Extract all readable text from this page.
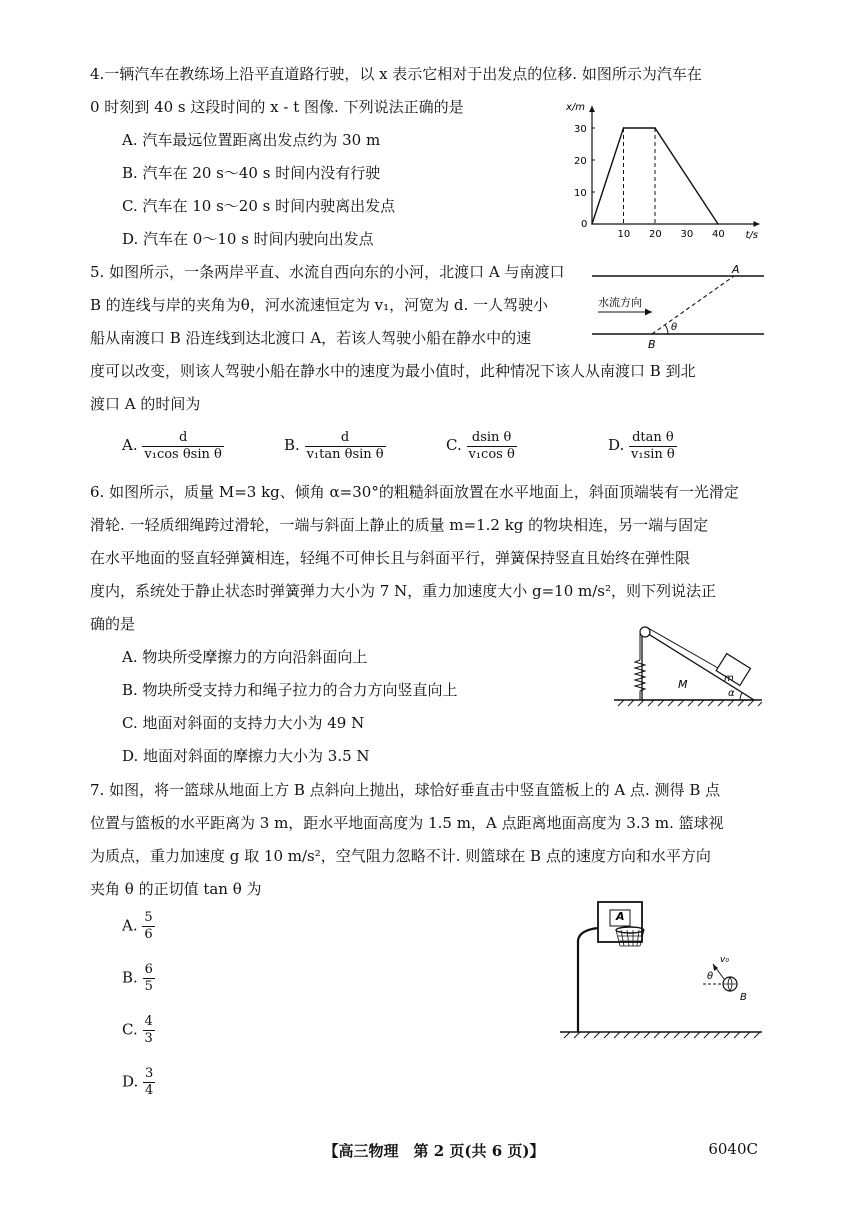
4.一辆汽车在教练场上沿平直道路行驶，以 x 表示它相对于出发点的位移. 如图所示为汽车在
0 时刻到 40 s 这段时间的 x - t 图像. 下列说法正确的是
A. 汽车最远位置距离出发点约为 30 m
B. 汽车在 20 s～40 s 时间内没有行驶
C. 汽车在 10 s～20 s 时间内驶离出发点
D. 汽车在 0～10 s 时间内驶向出发点	10 20 30 40
10
20
30
0
x/m
t/s
5. 如图所示，一条两岸平直、水流自西向东的小河，北渡口 A 与南渡口
B 的连线与岸的夹角为θ，河水流速恒定为 v₁，河宽为 d. 一人驾驶小
船从南渡口 B 沿连线到达北渡口 A，若该人驾驶小船在静水中的速
度可以改变，则该人驾驶小船在静水中的速度为最小值时，此种情况下该人从南渡口 B 到北
渡口 A 的时间为
A. $\frac{d}{\text{v₁cos θsin θ}}$	B. $\frac{d}{\text{v₁tan θsin θ}}$	C. $\frac{\text{dsin θ}}{\text{v₁cos θ}}$	D. $\frac{\text{dtan θ}}{\text{v₁sin θ}}$
A
B
θ
水流方向
6. 如图所示，质量 M=3 kg、倾角 α=30°的粗糙斜面放置在水平地面上，斜面顶端装有一光滑定
滑轮. 一轻质细绳跨过滑轮，一端与斜面上静止的质量 m=1.2 kg 的物块相连，另一端与固定
在水平地面的竖直轻弹簧相连，轻绳不可伸长且与斜面平行，弹簧保持竖直且始终在弹性限
度内，系统处于静止状态时弹簧弹力大小为 7 N，重力加速度大小 g=10 m/s²，则下列说法正
确的是
A. 物块所受摩擦力的方向沿斜面向上
B. 物块所受支持力和绳子拉力的合力方向竖直向上
C. 地面对斜面的支持力大小为 49 N
D. 地面对斜面的摩擦力大小为 3.5 N
M	m
α
7. 如图，将一篮球从地面上方 B 点斜向上抛出，球恰好垂直击中竖直篮板上的 A 点. 测得 B 点
位置与篮板的水平距离为 3 m，距水平地面高度为 1.5 m，A 点距离地面高度为 3.3 m. 篮球视
为质点，重力加速度 g 取 10 m/s²，空气阻力忽略不计. 则篮球在 B 点的速度方向和水平方向
夹角 θ 的正切值 tan θ 为
A. $\frac{5}{6}$
B. $\frac{6}{5}$
C. $\frac{4}{3}$
D. $\frac{3}{4}$
A
v₀
θ
B
【高三物理　第 2 页(共 6 页)】	6040C
